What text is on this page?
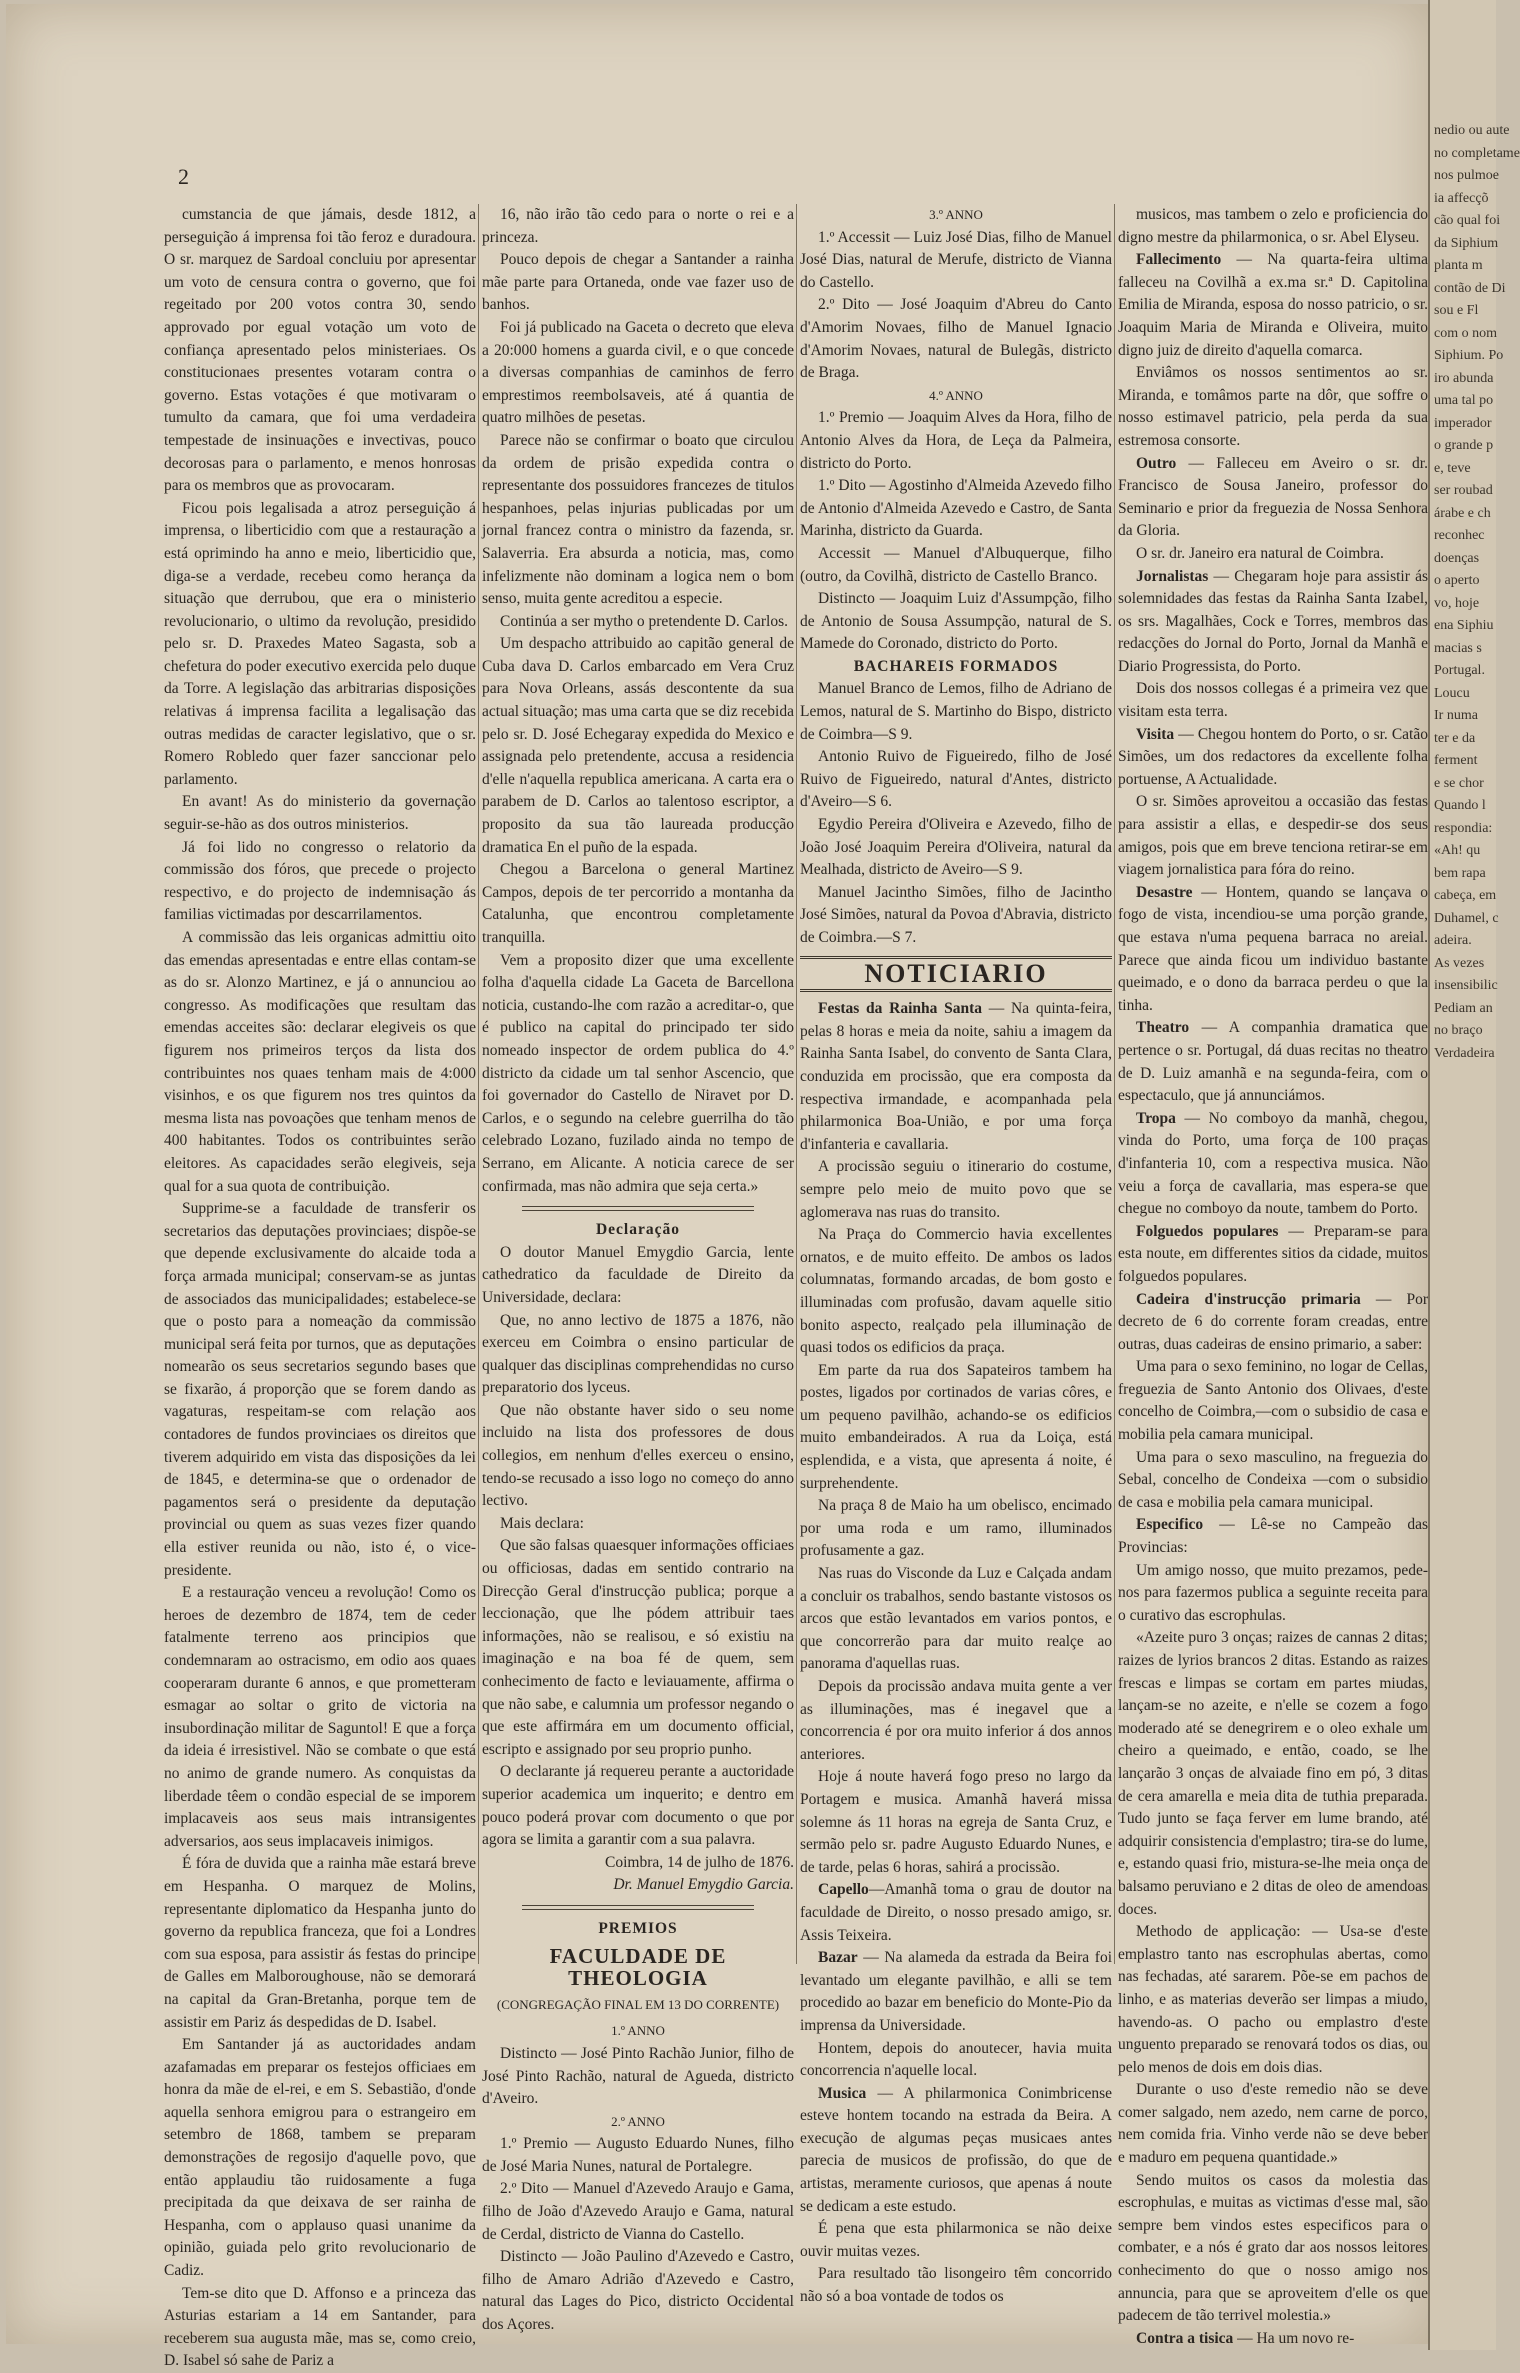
2

cumstancia de que jámais, desde 1812, a perseguição á imprensa foi tão feroz e duradoura. O sr. marquez de Sardoal concluiu por apresentar um voto de censura contra o governo, que foi regeitado por 200 votos contra 30, sendo approvado por egual votação um voto de confiança apresentado pelos ministeriaes. Os constitucionaes presentes votaram contra o governo. Estas votações é que motivaram o tumulto da camara, que foi uma verdadeira tempestade de insinuações e invectivas, pouco decorosas para o parlamento, e menos honrosas para os membros que as provocaram.

Ficou pois legalisada a atroz perseguição á imprensa, o liberticidio com que a restauração a está oprimindo ha anno e meio, liberticidio que, diga-se a verdade, recebeu como herança da situação que derrubou, que era o ministerio revolucionario, o ultimo da revolução, presidido pelo sr. D. Praxedes Mateo Sagasta, sob a chefetura do poder executivo exercida pelo duque da Torre. A legislação das arbitrarias disposições relativas á imprensa facilita a legalisação das outras medidas de caracter legislativo, que o sr. Romero Robledo quer fazer sanccionar pelo parlamento.

En avant! As do ministerio da governação seguir-se-hão as dos outros ministerios.

Já foi lido no congresso o relatorio da commissão dos fóros, que precede o projecto respectivo, e do projecto de indemnisação ás familias victimadas por descarrilamentos.

A commissão das leis organicas admittiu oito das emendas apresentadas e entre ellas contam-se as do sr. Alonzo Martinez, e já o annunciou ao congresso. As modificações que resultam das emendas acceites são: declarar elegiveis os que figurem nos primeiros terços da lista dos contribuintes nos quaes tenham mais de 4:000 visinhos, e os que figurem nos tres quintos da mesma lista nas povoações que tenham menos de 400 habitantes. Todos os contribuintes serão eleitores. As capacidades serão elegiveis, seja qual for a sua quota de contribuição.

Supprime-se a faculdade de transferir os secretarios das deputações provinciaes; dispõe-se que depende exclusivamente do alcaide toda a força armada municipal; conservam-se as juntas de associados das municipalidades; estabelece-se que o posto para a nomeação da commissão municipal será feita por turnos, que as deputações nomearão os seus secretarios segundo bases que se fixarão, á proporção que se forem dando as vagaturas, respeitam-se com relação aos contadores de fundos provinciaes os direitos que tiverem adquirido em vista das disposições da lei de 1845, e determina-se que o ordenador de pagamentos será o presidente da deputação provincial ou quem as suas vezes fizer quando ella estiver reunida ou não, isto é, o vice-presidente.

E a restauração venceu a revolução! Como os heroes de dezembro de 1874, tem de ceder fatalmente terreno aos principios que condemnaram ao ostracismo, em odio aos quaes cooperaram durante 6 annos, e que prometteram esmagar ao soltar o grito de victoria na insubordinação militar de Saguntol! E que a força da ideia é irresistivel. Não se combate o que está no animo de grande numero. As conquistas da liberdade têem o condão especial de se imporem implacaveis aos seus mais intransigentes adversarios, aos seus implacaveis inimigos.

É fóra de duvida que a rainha mãe estará breve em Hespanha. O marquez de Molins, representante diplomatico da Hespanha junto do governo da republica franceza, que foi a Londres com sua esposa, para assistir ás festas do principe de Galles em Malboroughouse, não se demorará na capital da Gran-Bretanha, porque tem de assistir em Pariz ás despedidas de D. Isabel.

Em Santander já as auctoridades andam azafamadas em preparar os festejos officiaes em honra da mãe de el-rei, e em S. Sebastião, d'onde aquella senhora emigrou para o estrangeiro em setembro de 1868, tambem se preparam demonstrações de regosijo d'aquelle povo, que então applaudiu tão ruidosamente a fuga precipitada da que deixava de ser rainha de Hespanha, com o applauso quasi unanime da opinião, guiada pelo grito revolucionario de Cadiz.

Tem-se dito que D. Affonso e a princeza das Asturias estariam a 14 em Santander, para receberem sua augusta mãe, mas se, como creio, D. Isabel só sahe de Pariz a

16, não irão tão cedo para o norte o rei e a princeza.

Pouco depois de chegar a Santander a rainha mãe parte para Ortaneda, onde vae fazer uso de banhos.

Foi já publicado na Gaceta o decreto que eleva a 20:000 homens a guarda civil, e o que concede a diversas companhias de caminhos de ferro emprestimos reembolsaveis, até á quantia de quatro milhões de pesetas.

Parece não se confirmar o boato que circulou da ordem de prisão expedida contra o representante dos possuidores francezes de titulos hespanhoes, pelas injurias publicadas por um jornal francez contra o ministro da fazenda, sr. Salaverria. Era absurda a noticia, mas, como infelizmente não dominam a logica nem o bom senso, muita gente acreditou a especie.

Continúa a ser mytho o pretendente D. Carlos.

Um despacho attribuido ao capitão general de Cuba dava D. Carlos embarcado em Vera Cruz para Nova Orleans, assás descontente da sua actual situação; mas uma carta que se diz recebida pelo sr. D. José Echegaray expedida do Mexico e assignada pelo pretendente, accusa a residencia d'elle n'aquella republica americana. A carta era o parabem de D. Carlos ao talentoso escriptor, a proposito da sua tão laureada producção dramatica En el puño de la espada.

Chegou a Barcelona o general Martinez Campos, depois de ter percorrido a montanha da Catalunha, que encontrou completamente tranquilla.

Vem a proposito dizer que uma excellente folha d'aquella cidade La Gaceta de Barcellona noticia, custando-lhe com razão a acreditar-o, que é publico na capital do principado ter sido nomeado inspector de ordem publica do 4.º districto da cidade um tal senhor Ascencio, que foi governador do Castello de Niravet por D. Carlos, e o segundo na celebre guerrilha do tão celebrado Lozano, fuzilado ainda no tempo de Serrano, em Alicante. A noticia carece de ser confirmada, mas não admira que seja certa.»

Declaração

O doutor Manuel Emygdio Garcia, lente cathedratico da faculdade de Direito da Universidade, declara:

Que, no anno lectivo de 1875 a 1876, não exerceu em Coimbra o ensino particular de qualquer das disciplinas comprehendidas no curso preparatorio dos lyceus.

Que não obstante haver sido o seu nome incluido na lista dos professores de dous collegios, em nenhum d'elles exerceu o ensino, tendo-se recusado a isso logo no começo do anno lectivo.

Mais declara:

Que são falsas quaesquer informações officiaes ou officiosas, dadas em sentido contrario na Direcção Geral d'instrucção publica; porque a leccionação, que lhe pódem attribuir taes informações, não se realisou, e só existiu na imaginação e na boa fé de quem, sem conhecimento de facto e leviauamente, affirma o que não sabe, e calumnia um professor negando o que este affirmára em um documento official, escripto e assignado por seu proprio punho.

O declarante já requereu perante a auctoridade superior academica um inquerito; e dentro em pouco poderá provar com documento o que por agora se limita a garantir com a sua palavra.

Coimbra, 14 de julho de 1876.

Dr. Manuel Emygdio Garcia.

PREMIOS

FACULDADE DE THEOLOGIA
(CONGREGAÇÃO FINAL EM 13 DO CORRENTE)

1.º ANNO

Distincto — José Pinto Rachão Junior, filho de José Pinto Rachão, natural de Agueda, districto d'Aveiro.

2.º ANNO

1.º Premio — Augusto Eduardo Nunes, filho de José Maria Nunes, natural de Portalegre.

2.º Dito — Manuel d'Azevedo Araujo e Gama, filho de João d'Azevedo Araujo e Gama, natural de Cerdal, districto de Vianna do Castello.

Distincto — João Paulino d'Azevedo e Castro, filho de Amaro Adrião d'Azevedo e Castro, natural das Lages do Pico, districto Occidental dos Açores.

3.º ANNO

1.º Accessit — Luiz José Dias, filho de Manuel José Dias, natural de Merufe, districto de Vianna do Castello.

2.º Dito — José Joaquim d'Abreu do Canto d'Amorim Novaes, filho de Manuel Ignacio d'Amorim Novaes, natural de Bulegãs, districto de Braga.

4.º ANNO

1.º Premio — Joaquim Alves da Hora, filho de Antonio Alves da Hora, de Leça da Palmeira, districto do Porto.

1.º Dito — Agostinho d'Almeida Azevedo filho de Antonio d'Almeida Azevedo e Castro, de Santa Marinha, districto da Guarda.

Accessit — Manuel d'Albuquerque, filho (outro, da Covilhã, districto de Castello Branco.

Distincto — Joaquim Luiz d'Assumpção, filho de Antonio de Sousa Assumpção, natural de S. Mamede do Coronado, districto do Porto.

BACHAREIS FORMADOS

Manuel Branco de Lemos, filho de Adriano de Lemos, natural de S. Martinho do Bispo, districto de Coimbra—S 9.

Antonio Ruivo de Figueiredo, filho de José Ruivo de Figueiredo, natural d'Antes, districto d'Aveiro—S 6.

Egydio Pereira d'Oliveira e Azevedo, filho de João José Joaquim Pereira d'Oliveira, natural da Mealhada, districto de Aveiro—S 9.

Manuel Jacintho Simões, filho de Jacintho José Simões, natural da Povoa d'Abravia, districto de Coimbra.—S 7.

NOTICIARIO

Festas da Rainha Santa — Na quinta-feira, pelas 8 horas e meia da noite, sahiu a imagem da Rainha Santa Isabel, do convento de Santa Clara, conduzida em procissão, que era composta da respectiva irmandade, e acompanhada pela philarmonica Boa-União, e por uma força d'infanteria e cavallaria.

A procissão seguiu o itinerario do costume, sempre pelo meio de muito povo que se aglomerava nas ruas do transito.

Na Praça do Commercio havia excellentes ornatos, e de muito effeito. De ambos os lados columnatas, formando arcadas, de bom gosto e illuminadas com profusão, davam aquelle sitio bonito aspecto, realçado pela illuminação de quasi todos os edificios da praça.

Em parte da rua dos Sapateiros tambem ha postes, ligados por cortinados de varias côres, e um pequeno pavilhão, achando-se os edificios muito embandeirados. A rua da Loiça, está esplendida, e a vista, que apresenta á noite, é surprehendente.

Na praça 8 de Maio ha um obelisco, encimado por uma roda e um ramo, illuminados profusamente a gaz.

Nas ruas do Visconde da Luz e Calçada andam a concluir os trabalhos, sendo bastante vistosos os arcos que estão levantados em varios pontos, e que concorrerão para dar muito realçe ao panorama d'aquellas ruas.

Depois da procissão andava muita gente a ver as illuminações, mas é inegavel que a concorrencia é por ora muito inferior á dos annos anteriores.

Hoje á noute haverá fogo preso no largo da Portagem e musica. Amanhã haverá missa solemne ás 11 horas na egreja de Santa Cruz, e sermão pelo sr. padre Augusto Eduardo Nunes, e de tarde, pelas 6 horas, sahirá a procissão.

Capello—Amanhã toma o grau de doutor na faculdade de Direito, o nosso presado amigo, sr. Assis Teixeira.

Bazar — Na alameda da estrada da Beira foi levantado um elegante pavilhão, e alli se tem procedido ao bazar em beneficio do Monte-Pio da imprensa da Universidade.

Hontem, depois do anoutecer, havia muita concorrencia n'aquelle local.

Musica — A philarmonica Conimbricense esteve hontem tocando na estrada da Beira. A execução de algumas peças musicaes antes parecia de musicos de profissão, do que de artistas, meramente curiosos, que apenas á noute se dedicam a este estudo.

É pena que esta philarmonica se não deixe ouvir muitas vezes.

Para resultado tão lisongeiro têm concorrido não só a boa vontade de todos os

musicos, mas tambem o zelo e proficiencia do digno mestre da philarmonica, o sr. Abel Elyseu.

Fallecimento — Na quarta-feira ultima falleceu na Covilhã a ex.ma sr.ª D. Capitolina Emilia de Miranda, esposa do nosso patricio, o sr. Joaquim Maria de Miranda e Oliveira, muito digno juiz de direito d'aquella comarca.

Enviâmos os nossos sentimentos ao sr. Miranda, e tomâmos parte na dôr, que soffre o nosso estimavel patricio, pela perda da sua estremosa consorte.

Outro — Falleceu em Aveiro o sr. dr. Francisco de Sousa Janeiro, professor do Seminario e prior da freguezia de Nossa Senhora da Gloria.

O sr. dr. Janeiro era natural de Coimbra.

Jornalistas — Chegaram hoje para assistir ás solemnidades das festas da Rainha Santa Izabel, os srs. Magalhães, Cock e Torres, membros das redacções do Jornal do Porto, Jornal da Manhã e Diario Progressista, do Porto.

Dois dos nossos collegas é a primeira vez que visitam esta terra.

Visita — Chegou hontem do Porto, o sr. Catão Simões, um dos redactores da excellente folha portuense, A Actualidade.

O sr. Simões aproveitou a occasião das festas para assistir a ellas, e despedir-se dos seus amigos, pois que em breve tenciona retirar-se em viagem jornalistica para fóra do reino.

Desastre — Hontem, quando se lançava o fogo de vista, incendiou-se uma porção grande, que estava n'uma pequena barraca no areial. Parece que ainda ficou um individuo bastante queimado, e o dono da barraca perdeu o que la tinha.

Theatro — A companhia dramatica que pertence o sr. Portugal, dá duas recitas no theatro de D. Luiz amanhã e na segunda-feira, com o espectaculo, que já annunciámos.

Tropa — No comboyo da manhã, chegou, vinda do Porto, uma força de 100 praças d'infanteria 10, com a respectiva musica. Não veiu a força de cavallaria, mas espera-se que chegue no comboyo da noute, tambem do Porto.

Folguedos populares — Preparam-se para esta noute, em differentes sitios da cidade, muitos folguedos populares.

Cadeira d'instrucção primaria — Por decreto de 6 do corrente foram creadas, entre outras, duas cadeiras de ensino primario, a saber:

Uma para o sexo feminino, no logar de Cellas, freguezia de Santo Antonio dos Olivaes, d'este concelho de Coimbra,—com o subsidio de casa e mobilia pela camara municipal.

Uma para o sexo masculino, na freguezia do Sebal, concelho de Condeixa —com o subsidio de casa e mobilia pela camara municipal.

Especifico — Lê-se no Campeão das Provincias:

Um amigo nosso, que muito prezamos, pede-nos para fazermos publica a seguinte receita para o curativo das escrophulas.

«Azeite puro 3 onças; raizes de cannas 2 ditas; raizes de lyrios brancos 2 ditas. Estando as raizes frescas e limpas se cortam em partes miudas, lançam-se no azeite, e n'elle se cozem a fogo moderado até se denegrirem e o oleo exhale um cheiro a queimado, e então, coado, se lhe lançarão 3 onças de alvaiade fino em pó, 3 ditas de cera amarella e meia dita de tuthia preparada. Tudo junto se faça ferver em lume brando, até adquirir consistencia d'emplastro; tira-se do lume, e, estando quasi frio, mistura-se-lhe meia onça de balsamo peruviano e 2 ditas de oleo de amendoas doces.

Methodo de applicação: — Usa-se d'este emplastro tanto nas escrophulas abertas, como nas fechadas, até sararem. Põe-se em pachos de linho, e as materias deverão ser limpas a miudo, havendo-as. O pacho ou emplastro d'este unguento preparado se renovará todos os dias, ou pelo menos de dois em dois dias.

Durante o uso d'este remedio não se deve comer salgado, nem azedo, nem carne de porco, nem comida fria. Vinho verde não se deve beber e maduro em pequena quantidade.»

Sendo muitos os casos da molestia das escrophulas, e muitas as victimas d'esse mal, são sempre bem vindos estes especificos para o combater, e a nós é grato dar aos nossos leitores conhecimento do que o nosso amigo nos annuncia, para que se aproveitem d'elle os que padecem de tão terrivel molestia.»

Contra a tisica — Ha um novo re-

nedio ou aute
no completame
nos pulmoe
ia affecçõ
cão qual foi
da Siphium
planta m
contão de Di
sou e Fl
com o nom
Siphium. Po
iro abunda
uma tal po
imperador
o grande p
e, teve
ser roubad
árabe e ch
reconhec
doenças
o aperto
vo, hoje
ena Siphiu
macias s
Portugal.
Loucu
Ir numa
ter e da
ferment
e se chor
Quando l
respondia:
«Ah! qu
bem rapa
cabeça, em
Duhamel, c
adeira.
As vezes
insensibilic
Pediam an
no braço
Verdadeira
